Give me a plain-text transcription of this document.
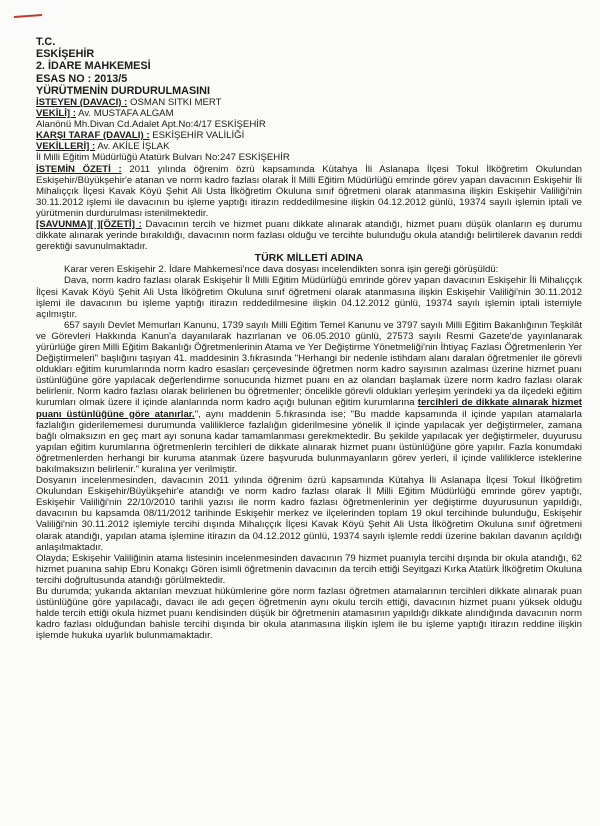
T.C.
ESKİŞEHİR
2. İDARE MAHKEMESİ
ESAS NO : 2013/5
YÜRÜTMENİN DURDURULMASINI
İSTEYEN (DAVACI) : OSMAN SITKI MERT
VEKİLİ] : Av. MUSTAFA ALGAM
Alanönü Mh.Divan Cd.Adalet Apt.No:4/17 ESKİŞEHİR
KARŞI TARAF (DAVALI) : ESKİŞEHİR VALİLİĞİ
VEKİLLERİ] : Av. AKİLE İŞLAK
İl Milli Eğitim Müdürlüğü Atatürk Bulvarı No:247 ESKİŞEHİR
İSTEMİN ÖZETİ : 2011 yılında öğrenim özrü kapsamında Kütahya İli Aslanapa İlçesi Tokul İlköğretim Okulundan Eskişehir/Büyükşehir'e atanan ve norm kadro fazlası olarak İl Milli Eğitim Müdürlüğü emrinde görev yapan davacının Eskişehir İli Mihalıççık İlçesi Kavak Köyü Şehit Ali Usta İlköğretim Okuluna sınıf öğretmeni olarak atanmasına ilişkin Eskişehir Valiliği'nin 30.11.2012 işlemi ile davacının bu işleme yaptığı itirazın reddedilmesine ilişkin 04.12.2012 günlü, 19374 sayılı işlemin iptali ve yürütmenin durdurulması istenilmektedir.
[SAVUNMA][ ][ÖZETİ] : Davacının tercih ve hizmet puanı dikkate alınarak atandığı, hizmet puanı düşük olanların eş durumu dikkate alınarak yerinde bırakıldığı, davacının norm fazlası olduğu ve tercihte bulunduğu okula atandığı belirtilerek davanın reddi gerektiği savunulmaktadır.
TÜRK MİLLETİ ADINA
Karar veren Eskişehir 2. İdare Mahkemesi'nce dava dosyası incelendikten sonra işin gereği görüşüldü:
Dava, norm kadro fazlası olarak Eskişehir İl Milli Eğitim Müdürlüğü emrinde görev yapan davacının Eskişehir İli Mihalıççık İlçesi Kavak Köyü Şehit Ali Usta İlköğretim Okuluna sınıf öğretmeni olarak atanmasına ilişkin Eskişehir Valiliği'nin 30.11.2012 işlemi ile davacının bu işleme yaptığı itirazın reddedilmesine ilişkin 04.12.2012 günlü, 19374 sayılı işlemin iptali istemiyle açılmıştır.
657 sayılı Devlet Memurları Kanunu, 1739 sayılı Milli Eğitim Temel Kanunu ve 3797 sayılı Milli Eğitim Bakanlığının Teşkilât ve Görevleri Hakkında Kanun'a dayanılarak hazırlanan ve 06.05.2010 günlü, 27573 sayılı Resmi Gazete'de yayınlanarak yürürlüğe giren Milli Eğitim Bakanlığı Öğretmenlerinin Atama ve Yer Değiştirme Yönetmeliği'nin İhtiyaç Fazlası Öğretmenlerin Yer Değiştirmeleri" başlığını taşıyan 41. maddesinin 3.fıkrasında "Herhangi bir nedenle istihdam alanı daralan öğretmenler ile görevli oldukları eğitim kurumlarında norm kadro esasları çerçevesinde öğretmen norm kadro sayısının azalması üzerine hizmet puanı üstünlüğüne göre yapılacak değerlendirme sonucunda hizmet puanı en az olandan başlamak üzere norm kadro fazlası olarak belirlenir. Norm kadro fazlası olarak belirlenen bu öğretmenler; öncelikle görevli oldukları yerleşim yerindeki ya da ilçedeki eğitim kurumları olmak üzere il içinde alanlarında norm kadro açığı bulunan eğitim kurumlarına tercihleri de dikkate alınarak hizmet puanı üstünlüğüne göre atanırlar.", aynı maddenin 5.fıkrasında ise; "Bu madde kapsamında il içinde yapılan atamalarla fazlalığın giderilememesi durumunda valiliklerce fazlalığın giderilmesine yönelik il içinde yapılacak yer değiştirmeler, zamana bağlı olmaksızın en geç mart ayı sonuna kadar tamamlanması gerekmektedir. Bu şekilde yapılacak yer değiştirmeler, duyurusu yapılan eğitim kurumlarına öğretmenlerin tercihleri de dikkate alınarak hizmet puanı üstünlüğüne göre yapılır. Fazla konumdaki öğretmenlerden herhangi bir kuruma atanmak üzere başvuruda bulunmayanların görev yerleri, il içinde valiliklerce isteklerine bakılmaksızın belirlenir." kuralına yer verilmiştir.
Dosyanın incelenmesinden, davacının 2011 yılında öğrenim özrü kapsamında Kütahya İli Aslanapa İlçesi Tokul İlköğretim Okulundan Eskişehir/Büyükşehir'e atandığı ve norm kadro fazlası olarak İl Milli Eğitim Müdürlüğü emrinde görev yaptığı, Eskişehir Valiliği'nin 22/10/2010 tarihli yazısı ile norm kadro fazlası öğretmenlerinin yer değiştirme duyurusunun yapıldığı, davacının bu kapsamda 08/11/2012 tarihinde Eskişehir merkez ve ilçelerinden toplam 19 okul tercihinde bulunduğu, Eskişehir Valiliği'nin 30.11.2012 işlemiyle tercihi dışında Mihalıççık İlçesi Kavak Köyü Şehit Ali Usta İlköğretim Okuluna sınıf öğretmeni olarak atandığı, yapılan atama işlemine itirazın da 04.12.2012 günlü, 19374 sayılı işlemle reddi üzerine bakılan davanın açıldığı anlaşılmaktadır.
Olayda; Eskişehir Valiliğinin atama listesinin incelenmesinden davacının 79 hizmet puanıyla tercihi dışında bir okula atandığı, 62 hizmet puanına sahip Ebru Konakçı Gören isimli öğretmenin davacının da tercih ettiği Seyitgazi Kırka Atatürk İlköğretim Okuluna tercihi doğrultusunda atandığı görülmektedir.
Bu durumda; yukarıda aktarılan mevzuat hükümlerine göre norm fazlası öğretmen atamalarının tercihleri dikkate alınarak puan üstünlüğüne göre yapılacağı, davacı ile adı geçen öğretmenin aynı okulu tercih ettiği, davacının hizmet puanı yüksek olduğu halde tercih ettiği okula hizmet puanı kendisinden düşük bir öğretmenin atamasının yapıldığı dikkate alındığında davacının norm kadro fazlası olduğundan bahisle tercihi dışında bir okula atanmasına ilişkin işlem ile bu işleme yaptığı itirazın reddine ilişkin işlemde hukuka uyarlık bulunmamaktadır.
